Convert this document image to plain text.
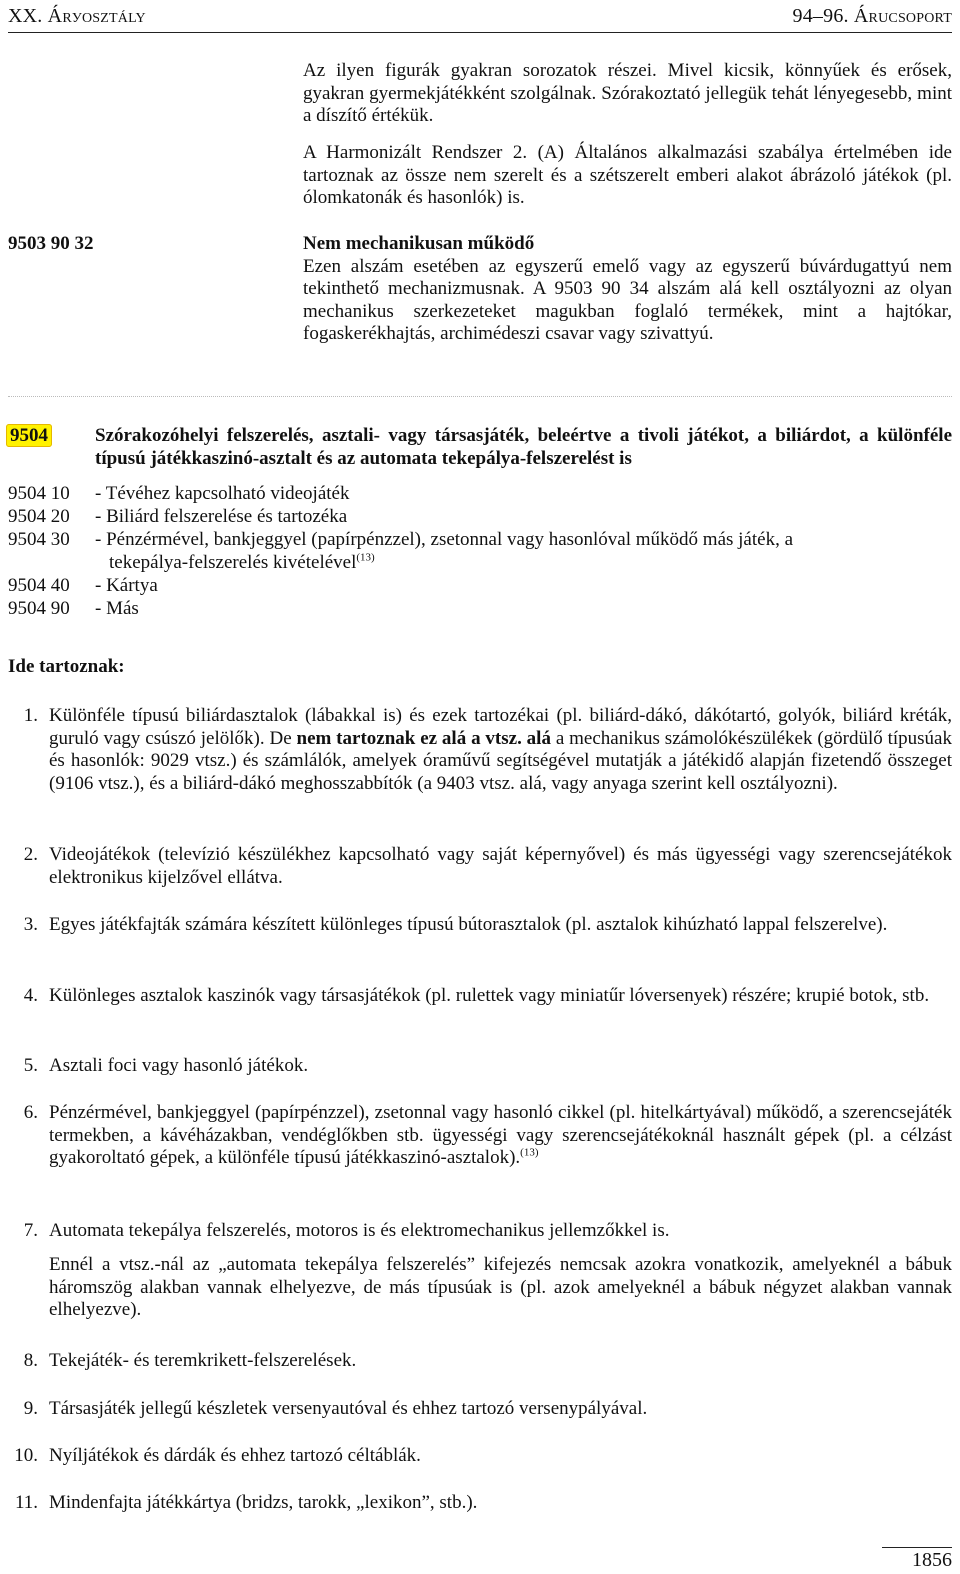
XX. Árуosztály	94–96. Árucsoport
Az ilyen figurák gyakran sorozatok részei. Mivel kicsik, könnyűek és erősek, gyakran gyermekjátékként szolgálnak. Szórakoztató jellegük tehát lényegesebb, mint a díszítő értékük.
A Harmonizált Rendszer 2. (A) Általános alkalmazási szabálya értelmében ide tartoznak az össze nem szerelt és a szétszerelt emberi alakot ábrázoló játékok (pl. ólomkatonák és hasonlók) is.
9503 90 32	Nem mechanikusan működő
Ezen alszám esetében az egyszerű emelő vagy az egyszerű búvárdugattyú nem tekinthető mechanizmusnak. A 9503 90 34 alszám alá kell osztályozni az olyan mechanikus szerkezeteket magukban foglaló termékek, mint a hajtókar, fogaskerékhajtás, archimédeszi csavar vagy szivattyú.
9504 Szórakozóhelyi felszerelés, asztali- vagy társasjáték, beleértve a tivoli játékot, a biliárdot, a különféle típusú játékkaszinó-asztalt és az automata tekepálya-felszerelést is
9504 10 - Tévéhez kapcsolható videojáték
9504 20 - Biliárd felszerelése és tartozéka
9504 30 - Pénzérmével, bankjeggyel (papírpénzzel), zsetonnal vagy hasonlóval működő más játék, a
tekepálya-felszerelés kivételével$^{(13)}$
9504 40 - Kártya
9504 90 - Más
Ide tartoznak:
1. Különféle típusú biliárdasztalok (lábakkal is) és ezek tartozékai (pl. biliárd-dákó, dákótartó, golyók, biliárd kréták, guruló vagy csúszó jelölők). De nem tartoznak ez alá a vtsz. alá a mechanikus számolókészülékek (gördülő típusúak és hasonlók: 9029 vtsz.) és számlálók, amelyek óraművű segítségével mutatják a játékidő alapján fizetendő összeget (9106 vtsz.), és a biliárd-dákó meghosszabbítók (a 9403 vtsz. alá, vagy anyaga szerint kell osztályozni).
2. Videojátékok (televízió készülékhez kapcsolható vagy saját képernyővel) és más ügyességi vagy szerencsejátékok elektronikus kijelzővel ellátva.
3. Egyes játékfajták számára készített különleges típusú bútorasztalok (pl. asztalok kihúzható lappal felszerelve).
4. Különleges asztalok kaszinók vagy társasjátékok (pl. rulettek vagy miniatűr lóversenyek) részére; krupié botok, stb.
5. Asztali foci vagy hasonló játékok.
6. Pénzérmével, bankjeggyel (papírpénzzel), zsetonnal vagy hasonló cikkel (pl. hitelkártyával) működő, a szerencsejáték termekben, a kávéházakban, vendéglőkben stb. ügyességi vagy szerencsejátékoknál használt gépek (pl. a célzást gyakoroltató gépek, a különféle típusú játékkaszinó-asztalok).$^{(13)}$
7. Automata tekepálya felszerelés, motoros is és elektromechanikus jellemzőkkel is.
Ennél a vtsz.-nál az „automata tekepálya felszerelés” kifejezés nemcsak azokra vonatkozik, amelyeknél a bábuk háromszög alakban vannak elhelyezve, de más típusúak is (pl. azok amelyeknél a bábuk négyzet alakban vannak elhelyezve).
8. Tekejáték- és teremkrikett-felszerelések.
9. Társasjáték jellegű készletek versenyautóval és ehhez tartozó versenypályával.
10. Nyíljátékok és dárdák és ehhez tartozó céltáblák.
11. Mindenfajta játékkártya (bridzs, tarokk, „lexikon”, stb.).
1856
